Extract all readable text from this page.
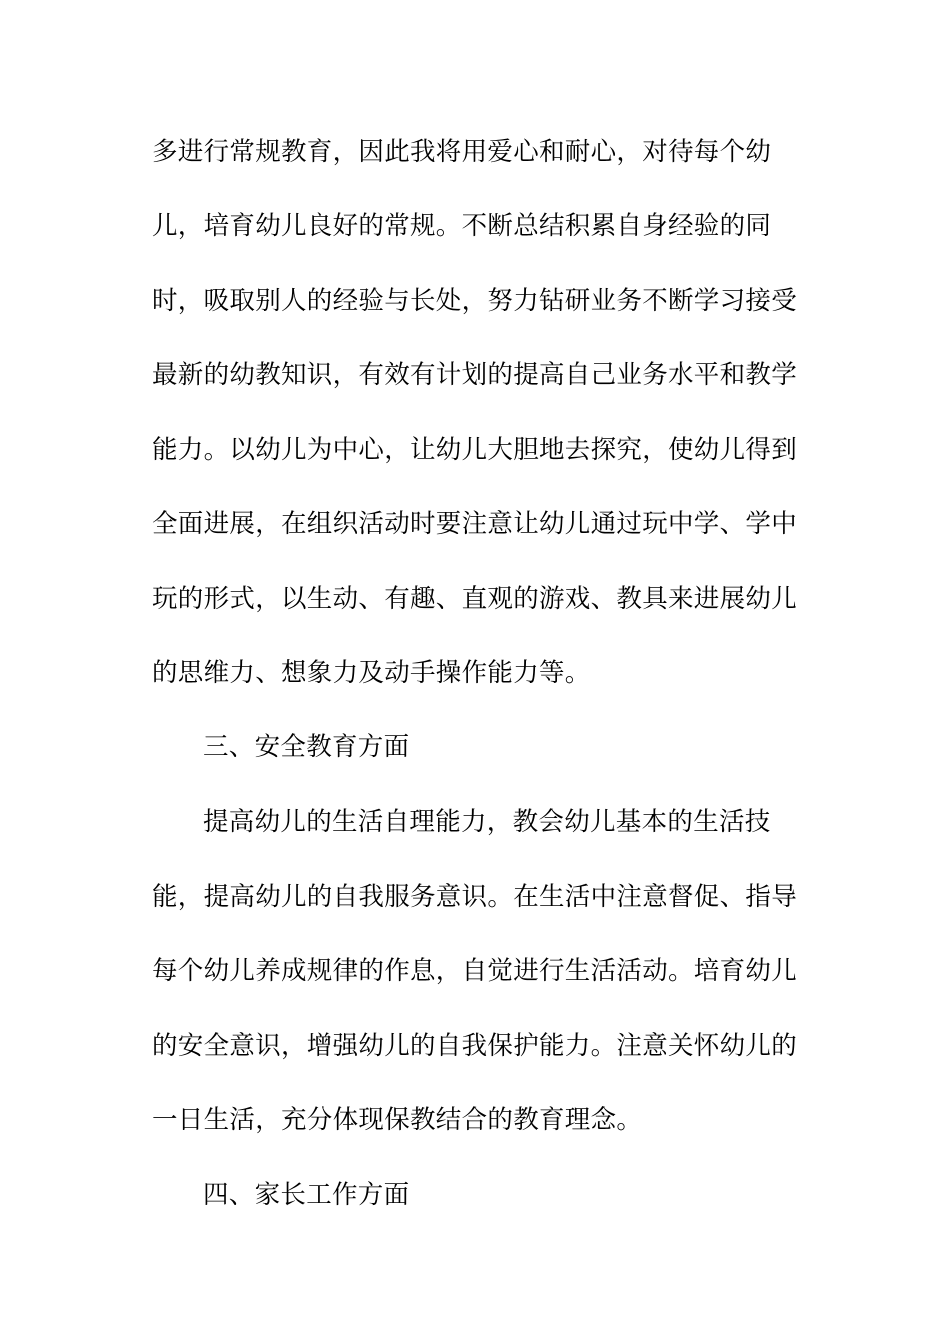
多进行常规教育，因此我将用爱心和耐心，对待每个幼
儿，培育幼儿良好的常规。不断总结积累自身经验的同
时，吸取别人的经验与长处，努力钻研业务不断学习接受
最新的幼教知识，有效有计划的提高自己业务水平和教学
能力。以幼儿为中心，让幼儿大胆地去探究，使幼儿得到
全面进展，在组织活动时要注意让幼儿通过玩中学、学中
玩的形式，以生动、有趣、直观的游戏、教具来进展幼儿
的思维力、想象力及动手操作能力等。
三、安全教育方面
提高幼儿的生活自理能力，教会幼儿基本的生活技
能，提高幼儿的自我服务意识。在生活中注意督促、指导
每个幼儿养成规律的作息，自觉进行生活活动。培育幼儿
的安全意识，增强幼儿的自我保护能力。注意关怀幼儿的
一日生活，充分体现保教结合的教育理念。
四、家长工作方面
